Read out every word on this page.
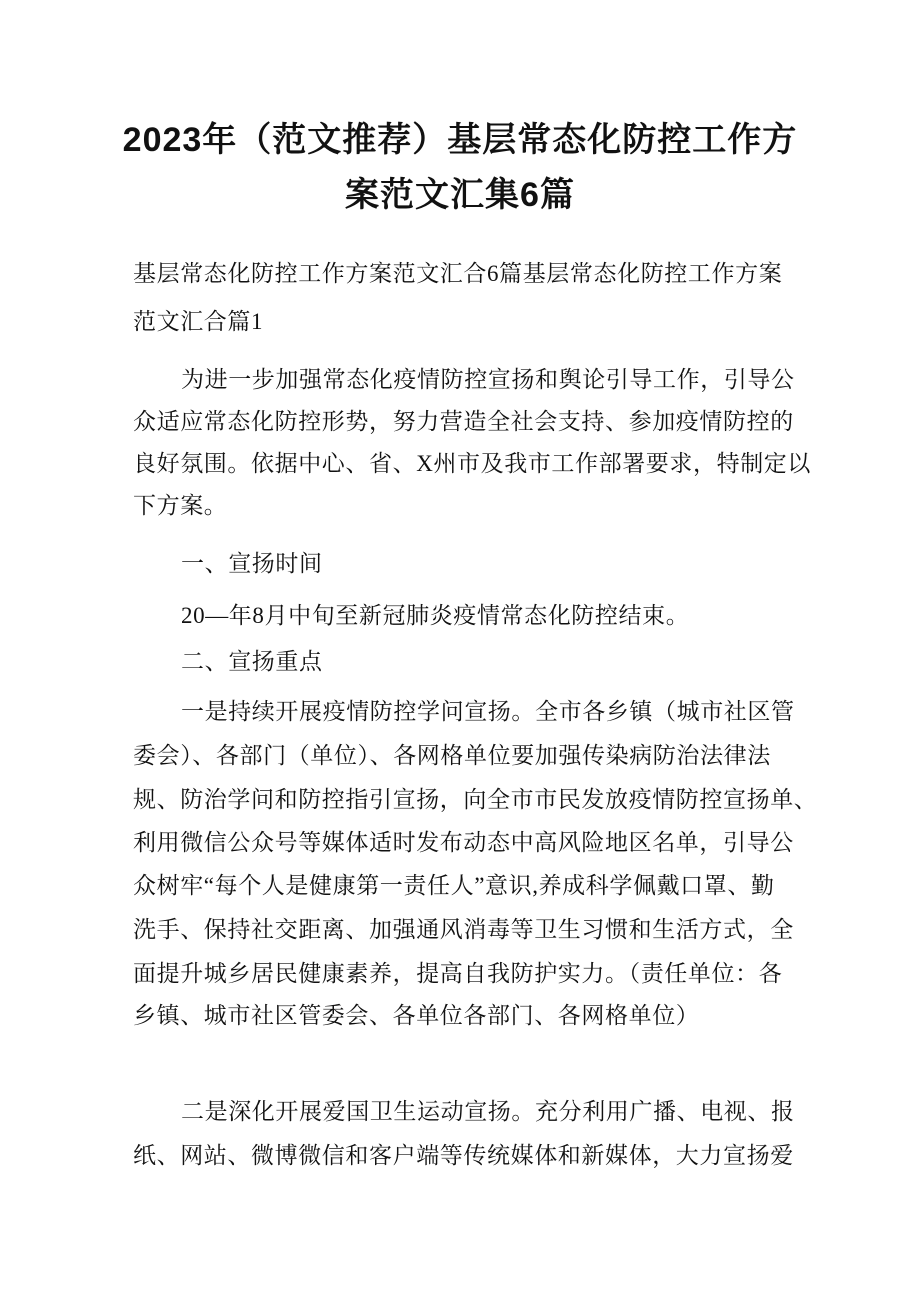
2023年（范文推荐）基层常态化防控工作方
案范文汇集6篇
基层常态化防控工作方案范文汇合6篇基层常态化防控工作方案
范文汇合篇1
为进一步加强常态化疫情防控宣扬和舆论引导工作，引导公
众适应常态化防控形势，努力营造全社会支持、参加疫情防控的
良好氛围。依据中心、省、X州市及我市工作部署要求，特制定以
下方案。
一、宣扬时间
20—年8月中旬至新冠肺炎疫情常态化防控结束。
二、宣扬重点
一是持续开展疫情防控学问宣扬。全市各乡镇（城市社区管
委会）、各部门（单位）、各网格单位要加强传染病防治法律法
规、防治学问和防控指引宣扬，向全市市民发放疫情防控宣扬单、
利用微信公众号等媒体适时发布动态中高风险地区名单，引导公
众树牢“每个人是健康第一责任人”意识,养成科学佩戴口罩、勤
洗手、保持社交距离、加强通风消毒等卫生习惯和生活方式，全
面提升城乡居民健康素养，提高自我防护实力。（责任单位：各
乡镇、城市社区管委会、各单位各部门、各网格单位）
二是深化开展爱国卫生运动宣扬。充分利用广播、电视、报
纸、网站、微博微信和客户端等传统媒体和新媒体，大力宣扬爱
